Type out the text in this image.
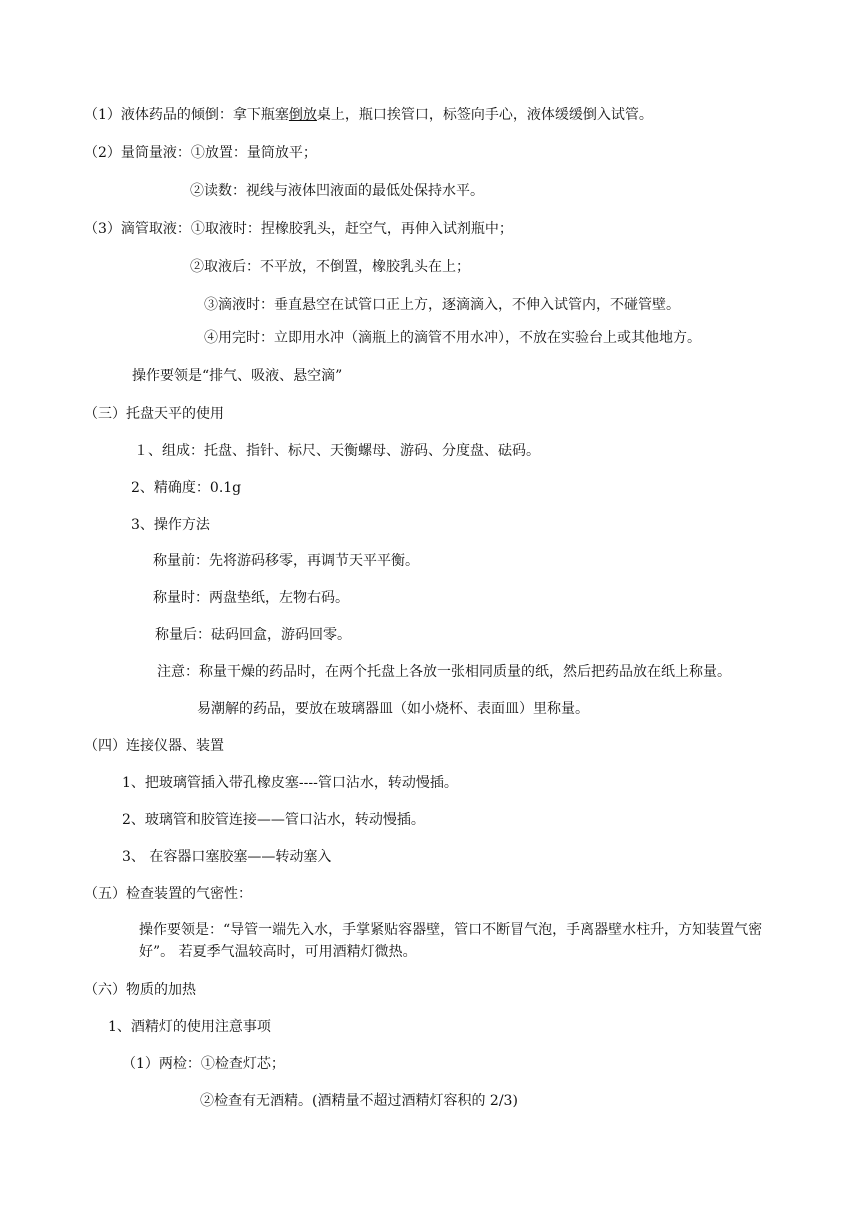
（1）液体药品的倾倒：拿下瓶塞倒放桌上，瓶口挨管口，标签向手心，液体缓缓倒入试管。
（2）量筒量液：①放置：量筒放平；
②读数：视线与液体凹液面的最低处保持水平。
（3）滴管取液：①取液时：捏橡胶乳头，赶空气，再伸入试剂瓶中；
②取液后：不平放，不倒置，橡胶乳头在上；
③滴液时：垂直悬空在试管口正上方，逐滴滴入，不伸入试管内，不碰管壁。
④用完时：立即用水冲（滴瓶上的滴管不用水冲），不放在实验台上或其他地方。
操作要领是“排气、吸液、悬空滴”
（三）托盘天平的使用
１、组成：托盘、指针、标尺、天衡螺母、游码、分度盘、砝码。
2、精确度：0.1g
3、操作方法
称量前：先将游码移零，再调节天平平衡。
称量时：两盘垫纸，左物右码。
称量后：砝码回盒，游码回零。
注意：称量干燥的药品时，在两个托盘上各放一张相同质量的纸，然后把药品放在纸上称量。
易潮解的药品，要放在玻璃器皿（如小烧杯、表面皿）里称量。
（四）连接仪器、装置
1、把玻璃管插入带孔橡皮塞----管口沾水，转动慢插。
2、玻璃管和胶管连接——管口沾水，转动慢插。
3、 在容器口塞胶塞——转动塞入
（五）检查装置的气密性：
操作要领是：“导管一端先入水，手掌紧贴容器壁，管口不断冒气泡，手离器壁水柱升，方知装置气密好”。 若夏季气温较高时，可用酒精灯微热。
（六）物质的加热
1、酒精灯的使用注意事项
（1）两检：①检查灯芯；
②检查有无酒精。(酒精量不超过酒精灯容积的 2/3)
